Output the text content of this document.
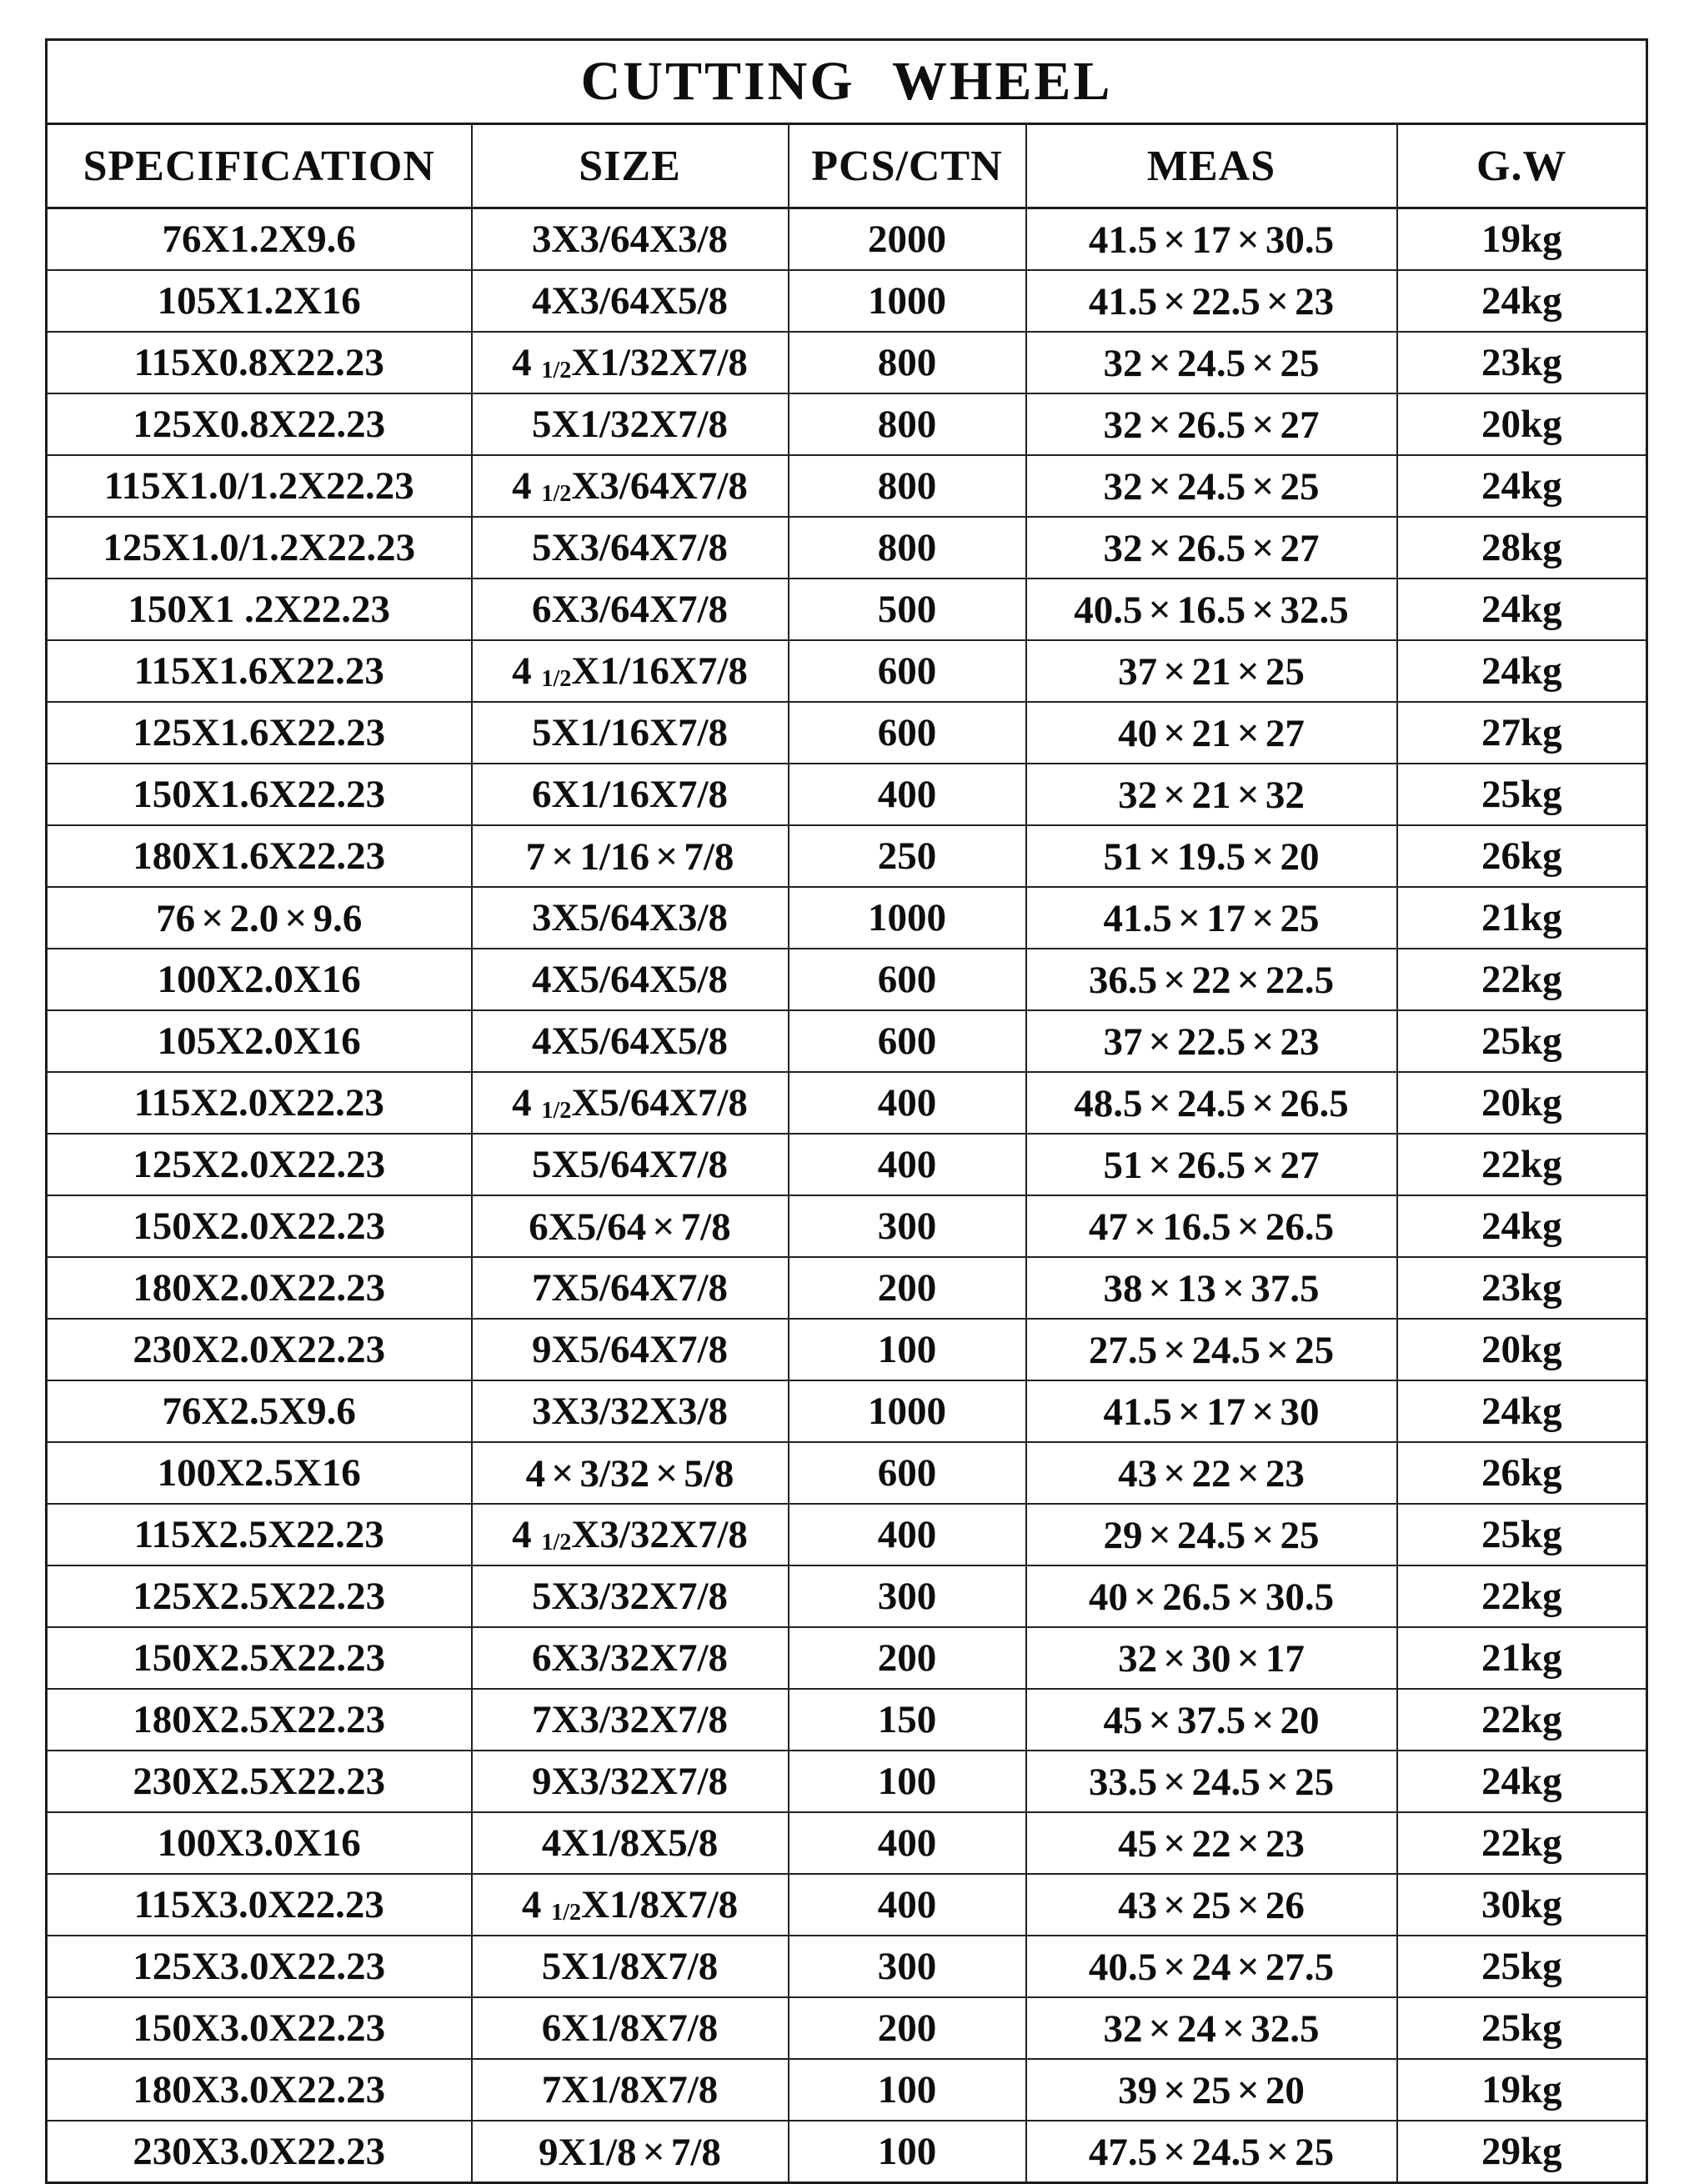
CUTTING WHEEL				
SPECIFICATION	SIZE	PCS/CTN	MEAS	G.W
76X1.2X9.6	3X3/64X3/8	2000	41.5 × 17 × 30.5	19kg
105X1.2X16	4X3/64X5/8	1000	41.5 × 22.5 × 23	24kg
115X0.8X22.23	4 1/2X1/32X7/8	800	32 × 24.5 × 25	23kg
125X0.8X22.23	5X1/32X7/8	800	32 × 26.5 × 27	20kg
115X1.0/1.2X22.23	4 1/2X3/64X7/8	800	32 × 24.5 × 25	24kg
125X1.0/1.2X22.23	5X3/64X7/8	800	32 × 26.5 × 27	28kg
150X1 .2X22.23	6X3/64X7/8	500	40.5 × 16.5 × 32.5	24kg
115X1.6X22.23	4 1/2X1/16X7/8	600	37 × 21 × 25	24kg
125X1.6X22.23	5X1/16X7/8	600	40 × 21 × 27	27kg
150X1.6X22.23	6X1/16X7/8	400	32 × 21 × 32	25kg
180X1.6X22.23	7 × 1/16 × 7/8	250	51 × 19.5 × 20	26kg
76 × 2.0 × 9.6	3X5/64X3/8	1000	41.5 × 17 × 25	21kg
100X2.0X16	4X5/64X5/8	600	36.5 × 22 × 22.5	22kg
105X2.0X16	4X5/64X5/8	600	37 × 22.5 × 23	25kg
115X2.0X22.23	4 1/2X5/64X7/8	400	48.5 × 24.5 × 26.5	20kg
125X2.0X22.23	5X5/64X7/8	400	51 × 26.5 × 27	22kg
150X2.0X22.23	6X5/64 × 7/8	300	47 × 16.5 × 26.5	24kg
180X2.0X22.23	7X5/64X7/8	200	38 × 13 × 37.5	23kg
230X2.0X22.23	9X5/64X7/8	100	27.5 × 24.5 × 25	20kg
76X2.5X9.6	3X3/32X3/8	1000	41.5 × 17 × 30	24kg
100X2.5X16	4 × 3/32 × 5/8	600	43 × 22 × 23	26kg
115X2.5X22.23	4 1/2X3/32X7/8	400	29 × 24.5 × 25	25kg
125X2.5X22.23	5X3/32X7/8	300	40 × 26.5 × 30.5	22kg
150X2.5X22.23	6X3/32X7/8	200	32 × 30 × 17	21kg
180X2.5X22.23	7X3/32X7/8	150	45 × 37.5 × 20	22kg
230X2.5X22.23	9X3/32X7/8	100	33.5 × 24.5 × 25	24kg
100X3.0X16	4X1/8X5/8	400	45 × 22 × 23	22kg
115X3.0X22.23	4 1/2X1/8X7/8	400	43 × 25 × 26	30kg
125X3.0X22.23	5X1/8X7/8	300	40.5 × 24 × 27.5	25kg
150X3.0X22.23	6X1/8X7/8	200	32 × 24 × 32.5	25kg
180X3.0X22.23	7X1/8X7/8	100	39 × 25 × 20	19kg
230X3.0X22.23	9X1/8 × 7/8	100	47.5 × 24.5 × 25	29kg
